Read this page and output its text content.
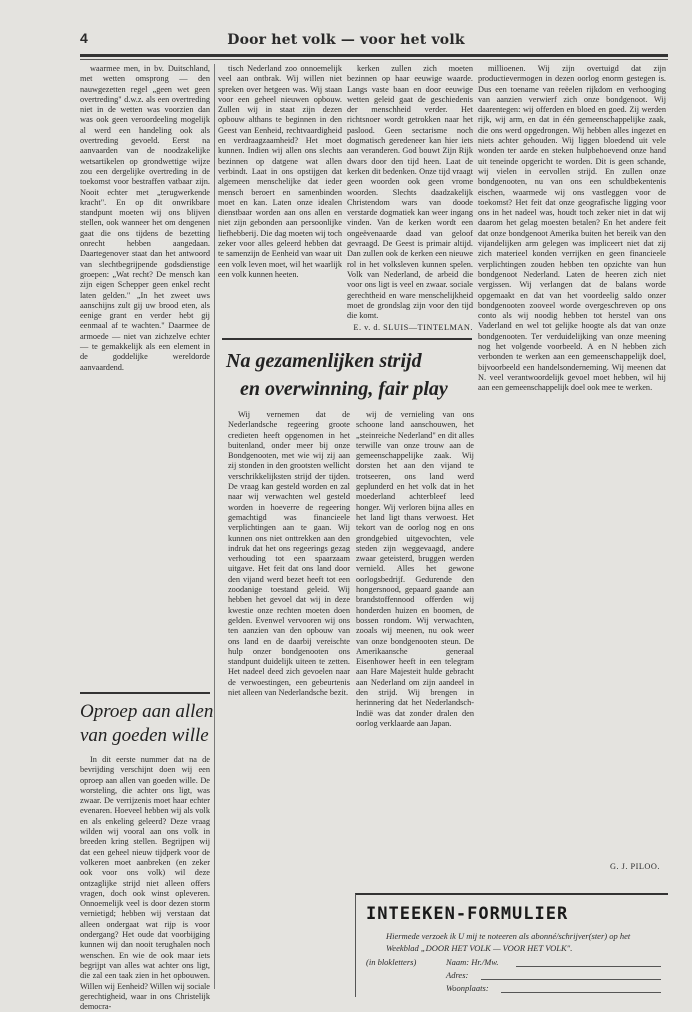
4	Door het volk — voor het volk

waarmee men, in bv. Duitschland, met wetten omsprong — den nauwgezetten regel „geen wet geen overtreding" d.w.z. als een overtreding niet in de wetten was voorzien dan was ook geen veroordeeling mogelijk al werd een handeling ook als overtreding gevoeld. Eerst na aanvaarden van de noodzakelijke wetsartikelen op grondwettige wijze zou een dergelijke overtreding in de toekomst voor bestraffen vatbaar zijn. Nooit echter met „terugwerkende kracht". En op dit onwrikbare standpunt moeten wij ons blijven stellen, ook wanneer het om dengenen gaat die ons tijdens de bezetting onrecht hebben aangedaan. Daartegenover staat dan het antwoord van slechtbegrijpende godsdienstige groepen: „Wat recht? De mensch kan zijn eigen Schepper geen enkel recht laten gelden." „In het zweet uws aanschijns zult gij uw brood eten, als eenige grant en verder hebt gij eenmaal af te wachten." Daarmee de armoede — niet van zichzelve echter — te gemakkelijk als een element in de goddelijke wereldorde aanvaardend.

Oproep aan allen
van goeden wille

In dit eerste nummer dat na de bevrijding verschijnt doen wij een oproep aan allen van goeden wille. De worsteling, die achter ons ligt, was zwaar. De verrijzenis moet haar echter evenaren. Hoeveel hebben wij als volk en als enkeling geleerd? Deze vraag wilden wij vooral aan ons volk in breeden kring stellen. Begrijpen wij dat een geheel nieuw tijdperk voor de volkeren moet aanbreken (en zeker ook voor ons volk) wil deze ontzaglijke strijd niet alleen offers vragen, doch ook winst opleveren. Onnoemelijk veel is door dezen storm vernietigd; hebben wij verstaan dat alleen ondergaat wat rijp is voor ondergang? Het oude dat voorbijging kunnen wij dan nooit terughalen noch wenschen. En wie de ook maar iets begrijpt van alles wat achter ons ligt, die zal een taak zien in het opbouwen. Willen wij Eenheid? Willen wij sociale gerechtigheid, waar in ons Christelijk democra-

tisch Nederland zoo onnoemelijk veel aan ontbrak. Wij willen niet spreken over hetgeen was. Wij staan voor een geheel nieuwen opbouw. Zullen wij in staat zijn dezen opbouw althans te beginnen in den Geest van Eenheid, rechtvaardigheid en verdraagzaamheid? Het moet kunnen. Indien wij allen ons slechts bezinnen op datgene wat allen verbindt. Laat in ons opstijgen dat algemeen menschelijke dat ieder mensch beroert en samenbinden moet en kan. Laten onze idealen dienstbaar worden aan ons allen en niet zijn gebonden aan persoonlijke liefhebberij. Die dag moeten wij toch zeker voor alles geleerd hebben dat te samenzijn de Eenheid van waar uit een volk leven moet, wil het waarlijk een volk kunnen heeten.

kerken zullen zich moeten bezinnen op haar eeuwige waarde. Langs vaste baan en door eeuwige wetten geleid gaat de geschiedenis der menschheid verder. Het richtsnoer wordt getrokken naar het paslood. Geen sectarisme noch dogmatisch geredeneer kan hier iets aan veranderen. God bouwt Zijn Rijk dwars door den tijd heen. Laat de kerken dit bedenken. Onze tijd vraagt geen woorden ook geen vrome woorden. Slechts daadzakelijk Christendom wars van doode verstarde dogmatiek kan weer ingang vinden. Van de kerken wordt een ongeëvenaarde daad van geloof gevraagd. De Geest is primair altijd. Dan zullen ook de kerken een nieuwe rol in het volksleven kunnen spelen. Volk van Nederland, de arbeid die voor ons ligt is veel en zwaar. sociale gerechtheid en ware menschelijkheid moet de grondslag zijn voor den tijd die komt.

E. v. d. SLUIS—TINTELMAN.

millioenen. Wij zijn overtuigd dat zijn productievermogen in dezen oorlog enorm gestegen is. Dus een toename van reëelen rijkdom en verhooging van aanzien verwierf zich onze bondgenoot. Wij daarentegen: wij offerden en bloed en goed. Zij werden rijk, wij arm, en dat in één gemeenschappelijke zaak, die ons werd opgedrongen. Wij hebben alles ingezet en niets achter gehouden. Wij liggen bloedend uit vele wonden ter aarde en steken hulpbehoevend onze hand uit teneinde opgericht te worden. Dit is geen schande, wij vielen in eervollen strijd. En zullen onze bondgenooten, nu van ons een schuldbekentenis eischen, waarmede wij ons vastleggen voor de toekomst? Het feit dat onze geografische ligging voor ons in het nadeel was, houdt toch zeker niet in dat wij daarom het gelag moesten betalen? En het andere feit dat onze bondgenoot Amerika buiten het bereik van den vijandelijken arm gelegen was impliceert niet dat zij zich materieel konden verrijken en geen financieele verplichtingen zouden hebben ten opzichte van hun bondgenoot Nederland. Laten de heeren zich niet vergissen. Wij verlangen dat de balans worde opgemaakt en dat van het voordeelig saldo onzer bondgenooten zooveel worde overgeschreven op ons conto als wij noodig hebben tot herstel van ons Vaderland en wel tot gelijke hoogte als dat van onze bondgenooten. Ter verduidelijking van onze meening nog het volgende voorbeeld. A en N hebben zich verbonden te werken aan een gemeenschappelijk doel, bijvoorbeeld een handelsonderneming. Wij meenen dat N. veel verantwoordelijk gevoel moet hebben, wil hij aan een gemeenschappelijk doel ook mee te werken.

G. J. PILOO.
Na gezamenlijken strijd
en overwinning, fair play

Wij vernemen dat de Nederlandsche regeering groote credieten heeft opgenomen in het buitenland, onder meer bij onze Bondgenooten, met wie wij zij aan zij stonden in den grootsten wellicht verschrikkelijksten strijd der tijden. De vraag kan gesteld worden en zal naar wij verwachten wel gesteld worden in hoeverre de regeering gemachtigd was financieele verplichtingen aan te gaan. Wij kunnen ons niet onttrekken aan den indruk dat het ons regeerings gezag verhouding tot een spaarzaam uitgave. Het feit dat ons land door den vijand werd bezet heeft tot een zoodanige toestand geleid. Wij hebben het gevoel dat wij in deze kwestie onze rechten moeten doen gelden. Evenwel vervooren wij ons ten aanzien van den opbouw van ons land en de daarbij vereischte hulp onzer bondgenooten ons standpunt duidelijk uiteen te zetten. Het nadeel deed zich gevoelen naar de verwoestingen, een gebeurtenis niet alleen van Nederlandsche bezit.

wij de vernieling van ons schoone land aanschouwen, het „steinreiche Nederland" en dit alles terwille van onze trouw aan de gemeenschappelijke zaak. Wij dorsten het aan den vijand te trotseeren, ons land werd geplunderd en het volk dat in het moederland achterbleef leed honger. Wij verloren bijna alles en het land ligt thans verwoest. Het tekort van de oorlog nog en ons grondgebied uitgevochten, vele steden zijn weggevaagd, andere zwaar geteisterd, bruggen werden vernield. Alles het gewone oorlogsbedrijf. Gedurende den hongersnood, gepaard gaande aan brandstoffennood offerden wij honderden huizen en boomen, de bossen rondom. Wij verwachten, zooals wij meenen, nu ook weer van onze bondgenooten steun. De Amerikaansche generaal Eisenhower heeft in een telegram aan Hare Majesteit hulde gebracht aan Nederland om zijn aandeel in den strijd. Wij brengen in herinnering dat het Nederlandsch-Indië was dat zonder dralen den oorlog verklaarde aan Japan.

INTEEKEN-FORMULIER
Hiermede verzoek ik U mij te noteeren als abonné/schrijver(ster) op het
Weekblad „DOOR HET VOLK — VOOR HET VOLK".
(in blokletters)	Naam: Hr./Mw.
Adres:
Woonplaats:
